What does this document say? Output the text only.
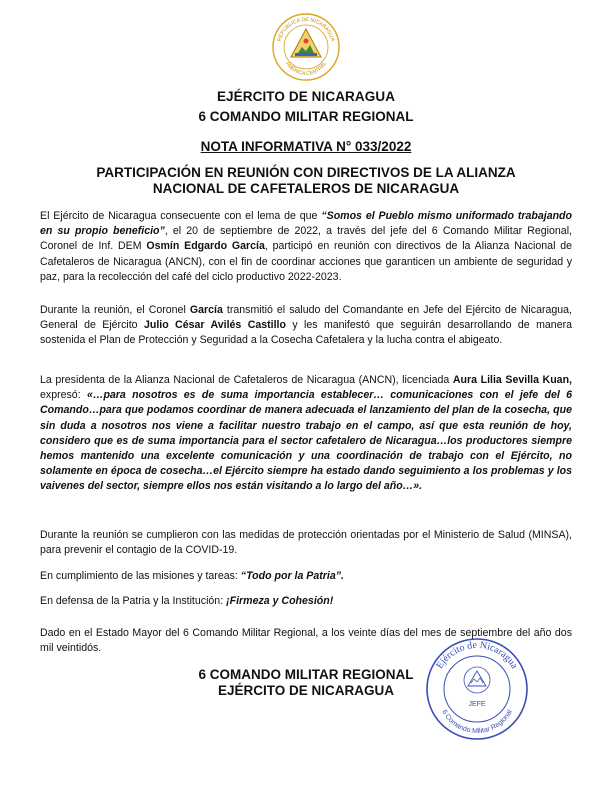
REPÚBLICA DE NICARAGUA
AMÉRICA CENTRAL
EJÉRCITO DE NICARAGUA
6 COMANDO MILITAR REGIONAL
NOTA INFORMATIVA N° 033/2022
PARTICIPACIÓN EN REUNIÓN CON DIRECTIVOS DE LA ALIANZA
NACIONAL DE CAFETALEROS DE NICARAGUA
El Ejército de Nicaragua consecuente con el lema de que “Somos el Pueblo mismo uniformado trabajando en su propio beneficio”, el 20 de septiembre de 2022, a través del jefe del 6 Comando Militar Regional, Coronel de Inf. DEM Osmín Edgardo García, participó en reunión con directivos de la Alianza Nacional de Cafetaleros de Nicaragua (ANCN), con el fin de coordinar acciones que garanticen un ambiente de seguridad y paz, para la recolección del café del ciclo productivo 2022-2023.
Durante la reunión, el Coronel García transmitió el saludo del Comandante en Jefe del Ejército de Nicaragua, General de Ejército Julio César Avilés Castillo y les manifestó que seguirán desarrollando de manera sostenida el Plan de Protección y Seguridad a la Cosecha Cafetalera y la lucha contra el abigeato.
La presidenta de la Alianza Nacional de Cafetaleros de Nicaragua (ANCN), licenciada Aura Lilia Sevilla Kuan, expresó: «…para nosotros es de suma importancia establecer… comunicaciones con el jefe del 6 Comando…para que podamos coordinar de manera adecuada el lanzamiento del plan de la cosecha, que sin duda a nosotros nos viene a facilitar nuestro trabajo en el campo, así que esta reunión de hoy, considero que es de suma importancia para el sector cafetalero de Nicaragua…los productores siempre hemos mantenido una excelente comunicación y una coordinación de trabajo con el Ejército, no solamente en época de cosecha…el Ejército siempre ha estado dando seguimiento a los problemas y los vaivenes del sector, siempre ellos nos están visitando a lo largo del año…».
Durante la reunión se cumplieron con las medidas de protección orientadas por el Ministerio de Salud (MINSA), para prevenir el contagio de la COVID-19.
En cumplimiento de las misiones y tareas: “Todo por la Patria”.
En defensa de la Patria y la Institución: ¡Firmeza y Cohesión!
Dado en el Estado Mayor del 6 Comando Militar Regional, a los veinte días del mes de septiembre del año dos mil veintidós.
6 COMANDO MILITAR REGIONAL
EJÉRCITO DE NICARAGUA
Ejército de Nicaragua
6 Comando Militar Regional
JEFE
